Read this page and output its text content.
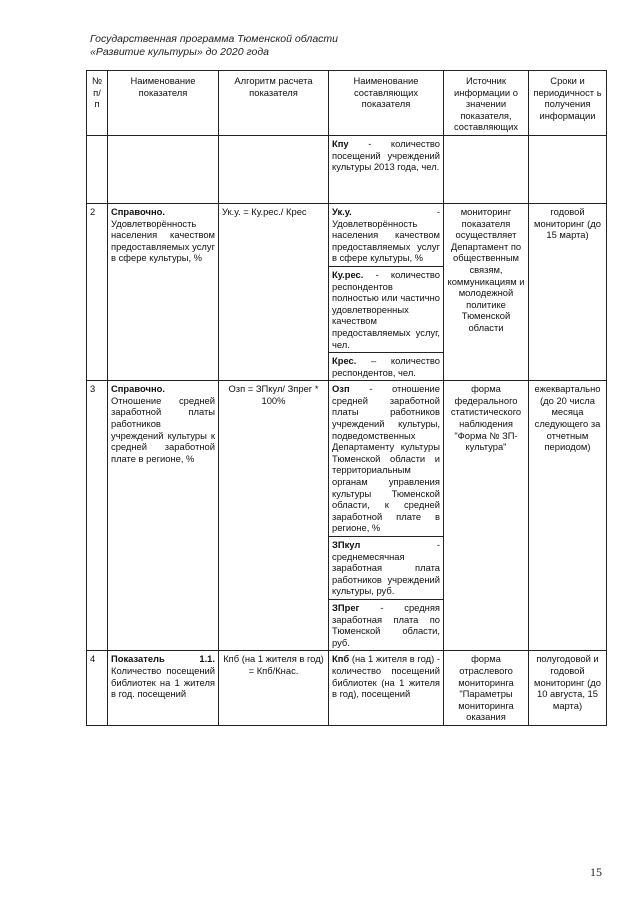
Государственная программа Тюменской области
«Развитие культуры» до 2020 года
№ п/ п	Наименование показателя	Алгоритм расчета показателя	Наименование составляющих показателя	Источник информации о значении показателя, составляющих	Сроки и периодичност ь получения информации
			Кпу - количество посещений учреждений культуры 2013 года, чел.		
2	Справочно. Удовлетворённость населения качеством предоставляемых услуг в сфере культуры, %	Ук.у. = Ку.рес./ Крес	Ук.у. - Удовлетворённость населения качеством предоставляемых услуг в сфере культуры, %	мониторинг показателя осуществляет Департамент по общественным связям, коммуникациям и молодежной политике Тюменской области	годовой мониторинг (до 15 марта)
			Ку.рес. - количество респондентов полностью или частично удовлетворенных качеством предоставляемых услуг, чел.		
			Крес. – количество респондентов, чел.		
3	Справочно. Отношение средней заработной платы работников учреждений культуры к средней заработной плате в регионе, %	Озп = ЗПкул/ Зпрег * 100%	Озп - отношение средней заработной платы работников учреждений культуры, подведомственных Департаменту культуры Тюменской области и территориальным органам управления культуры Тюменской области, к средней заработной плате в регионе, %	форма федерального статистического наблюдения "Форма № ЗП-культура"	ежеквартально (до 20 числа месяца следующего за отчетным периодом)
			ЗПкул - среднемесячная заработная плата работников учреждений культуры, руб.		
			ЗПрег - средняя заработная плата по Тюменской области, руб.		
4	Показатель 1.1. Количество посещений библиотек на 1 жителя в год. посещений	Кпб (на 1 жителя в год) = Кпб/Кнас.	Кпб (на 1 жителя в год) - количество посещений библиотек (на 1 жителя в год), посещений	форма отраслевого мониторинга "Параметры мониторинга оказания	полугодовой и годовой мониторинг (до 10 августа, 15 марта)
15
